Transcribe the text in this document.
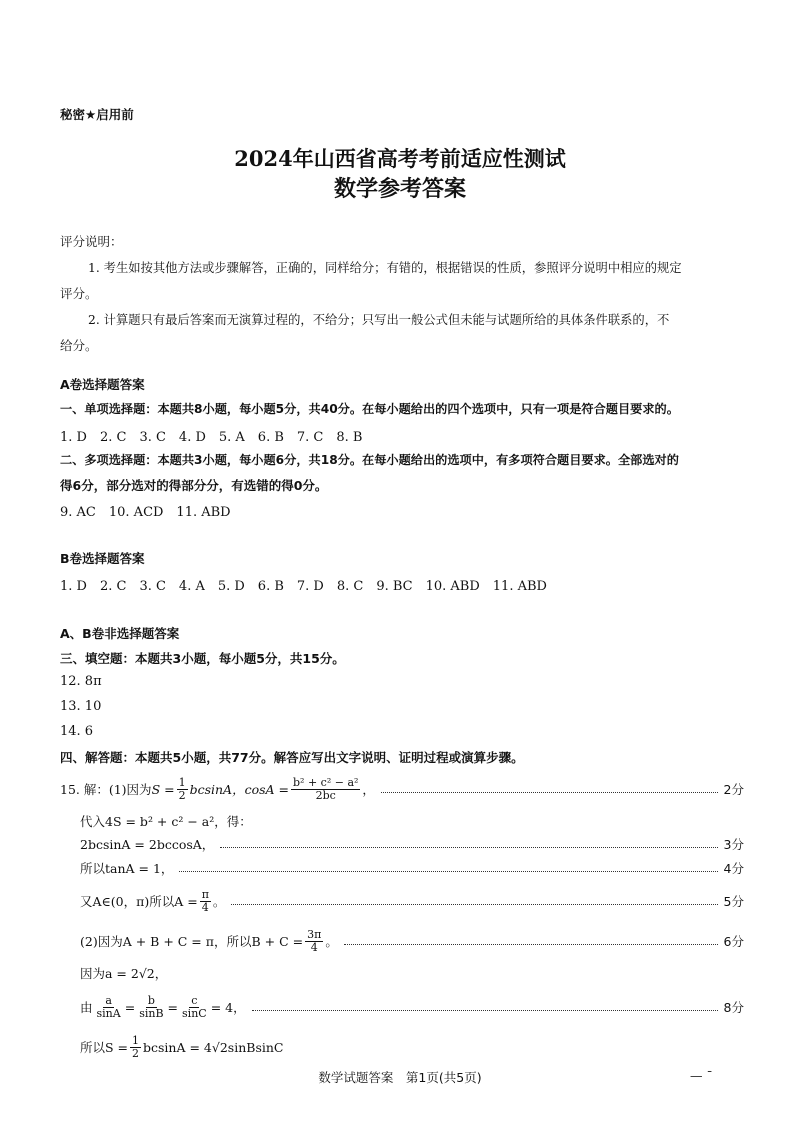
秘密★启用前
2024年山西省高考考前适应性测试
数学参考答案
评分说明：
1. 考生如按其他方法或步骤解答，正确的，同样给分；有错的，根据错误的性质，参照评分说明中相应的规定
评分。
2. 计算题只有最后答案而无演算过程的，不给分；只写出一般公式但未能与试题所给的具体条件联系的，不
给分。
A卷选择题答案
一、单项选择题：本题共8小题，每小题5分，共40分。在每小题给出的四个选项中，只有一项是符合题目要求的。
1. D　2. C　3. C　4. D　5. A　6. B　7. C　8. B
二、多项选择题：本题共3小题，每小题6分，共18分。在每小题给出的选项中，有多项符合题目要求。全部选对的
得6分，部分选对的得部分分，有选错的得0分。
9. AC　10. ACD　11. ABD
B卷选择题答案
1. D　2. C　3. C　4. A　5. D　6. B　7. D　8. C　9. BC　10. ABD　11. ABD
A、B卷非选择题答案
三、填空题：本题共3小题，每小题5分，共15分。
12. 8π
13. 10
14. 6
四、解答题：本题共5小题，共77分。解答应写出文字说明、证明过程或演算步骤。
15. 解：(1)因为 $S = \frac{1}{2}$ bcsinA，$\cos A = \frac{\text{b² + c² − a²}}{2bc}$ ，	2分
代入4S = b² + c² − a²，得：
2bcsinA = 2bccosA，	3分
所以tanA = 1，	4分
又A∈(0，π)所以$A = \frac{\pi}{4}$ 。	5分
(2)因为A + B + C = π，所以$B + C = \frac{3\pi}{4}$ 。	6分
因为a = 2√2，
由 $\frac{a}{\sin A} = \frac{b}{\sin B} = \frac{c}{\sin C} = 4$，	8分
所以$S = \frac{1}{2}$ bcsinA = 4√2sinBsinC
数学试题答案　第1页(共5页)	— ˉ
